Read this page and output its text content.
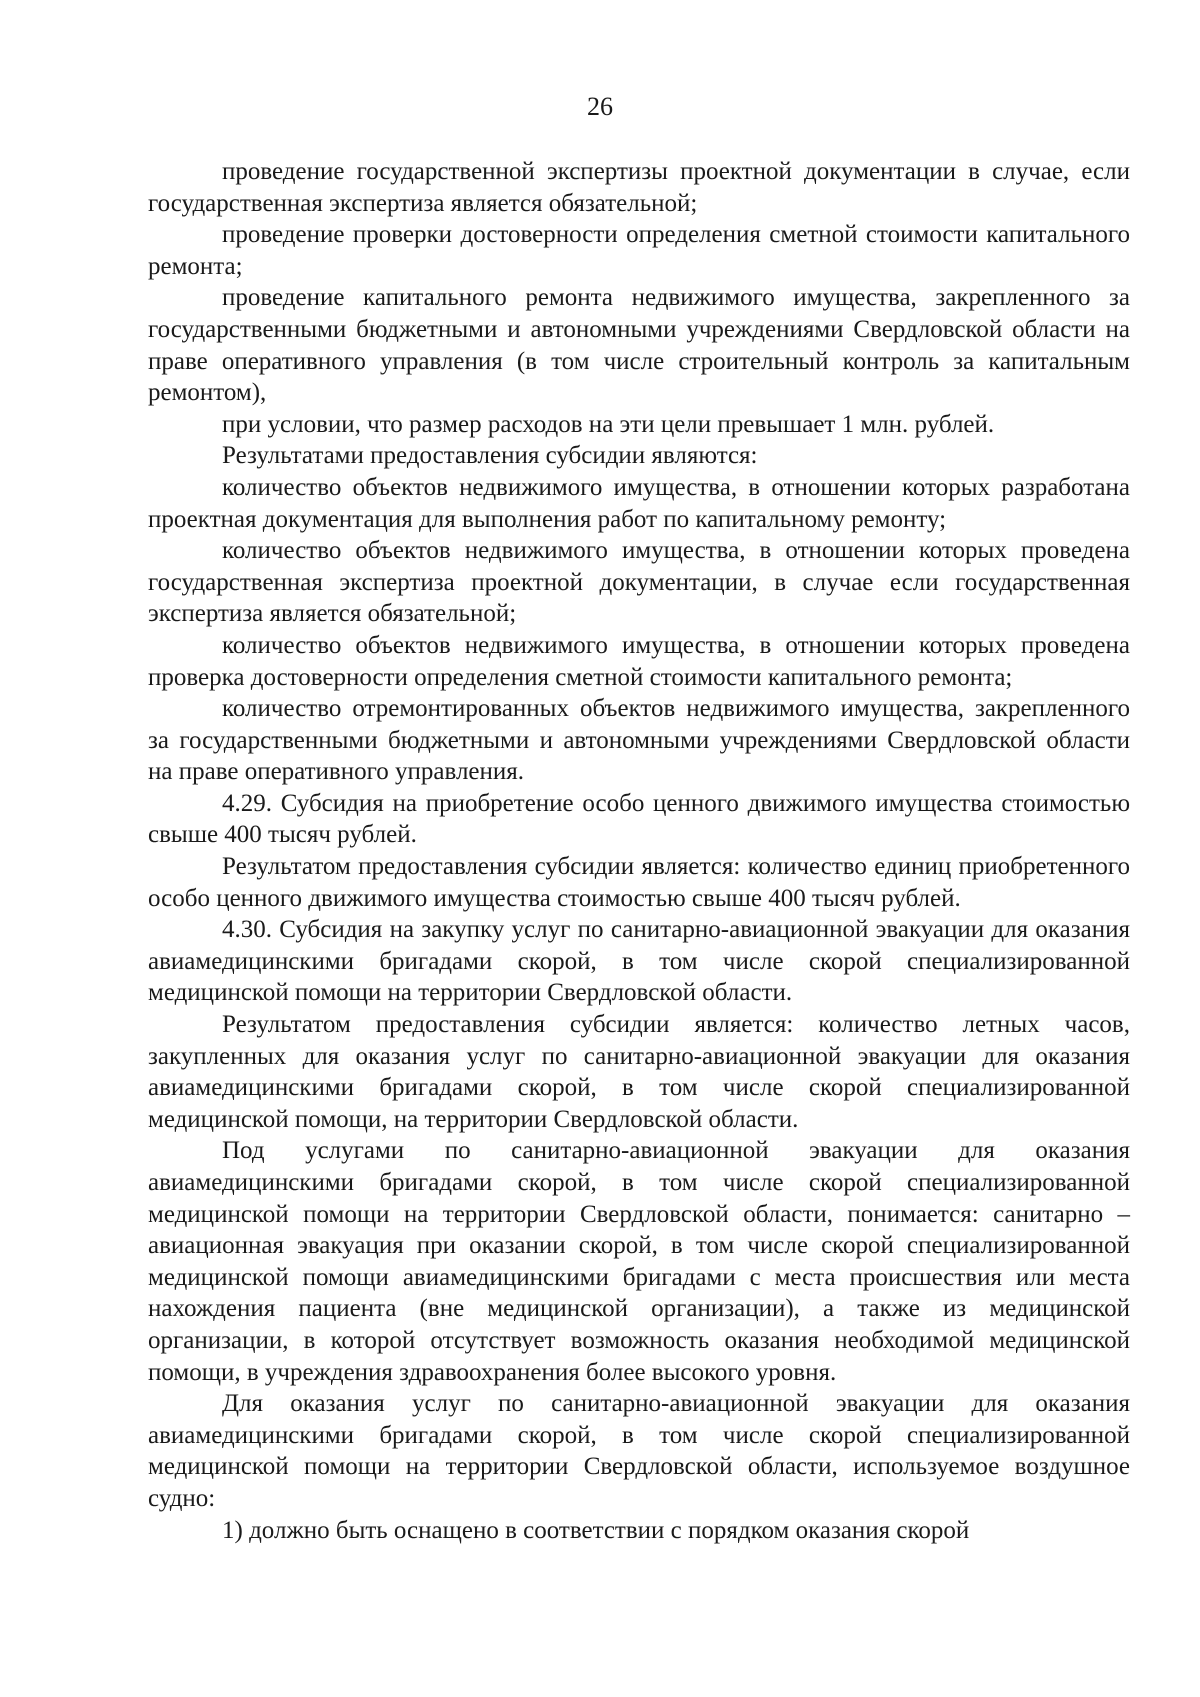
26

проведение государственной экспертизы проектной документации в случае, если государственная экспертиза является обязательной;

проведение проверки достоверности определения сметной стоимости капитального ремонта;

проведение капитального ремонта недвижимого имущества, закрепленного за государственными бюджетными и автономными учреждениями Свердловской области на праве оперативного управления (в том числе строительный контроль за капитальным ремонтом),

при условии, что размер расходов на эти цели превышает 1 млн. рублей.

Результатами предоставления субсидии являются:

количество объектов недвижимого имущества, в отношении которых разработана проектная документация для выполнения работ по капитальному ремонту;

количество объектов недвижимого имущества, в отношении которых проведена государственная экспертиза проектной документации, в случае если государственная экспертиза является обязательной;

количество объектов недвижимого имущества, в отношении которых проведена проверка достоверности определения сметной стоимости капитального ремонта;

количество отремонтированных объектов недвижимого имущества, закрепленного за государственными бюджетными и автономными учреждениями Свердловской области на праве оперативного управления.

4.29. Субсидия на приобретение особо ценного движимого имущества стоимостью свыше 400 тысяч рублей.

Результатом предоставления субсидии является: количество единиц приобретенного особо ценного движимого имущества стоимостью свыше 400 тысяч рублей.

4.30. Субсидия на закупку услуг по санитарно-авиационной эвакуации для оказания авиамедицинскими бригадами скорой, в том числе скорой специализированной медицинской помощи на территории Свердловской области.

Результатом предоставления субсидии является: количество летных часов, закупленных для оказания услуг по санитарно-авиационной эвакуации для оказания авиамедицинскими бригадами скорой, в том числе скорой специализированной медицинской помощи, на территории Свердловской области.

Под услугами по санитарно-авиационной эвакуации для оказания авиамедицинскими бригадами скорой, в том числе скорой специализированной медицинской помощи на территории Свердловской области, понимается: санитарно – авиационная эвакуация при оказании скорой, в том числе скорой специализированной медицинской помощи авиамедицинскими бригадами с места происшествия или места нахождения пациента (вне медицинской организации), а также из медицинской организации, в которой отсутствует возможность оказания необходимой медицинской помощи, в учреждения здравоохранения более высокого уровня.

Для оказания услуг по санитарно-авиационной эвакуации для оказания авиамедицинскими бригадами скорой, в том числе скорой специализированной медицинской помощи на территории Свердловской области, используемое воздушное судно:

1) должно быть оснащено в соответствии с порядком оказания скорой
